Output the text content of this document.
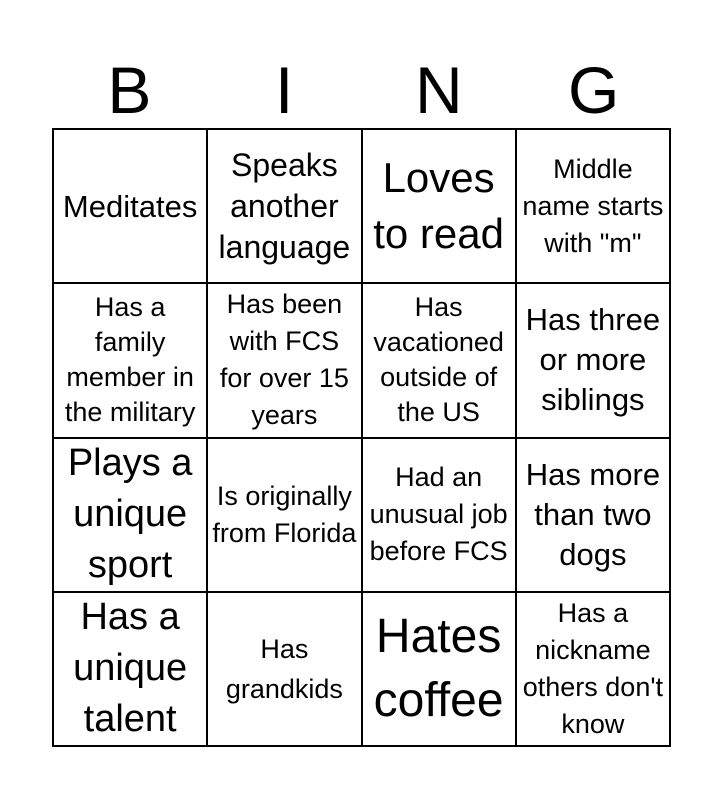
B	I	N	G
Meditates
Speaks another language
Loves to read
Middle name starts with "m"
Has a family member in the military
Has been with FCS for over 15 years
Has vacationed outside of the US
Has three or more siblings
Plays a unique sport
Is originally from Florida
Had an unusual job before FCS
Has more than two dogs
Has a unique talent
Has grandkids
Hates coffee
Has a nickname others don't know
